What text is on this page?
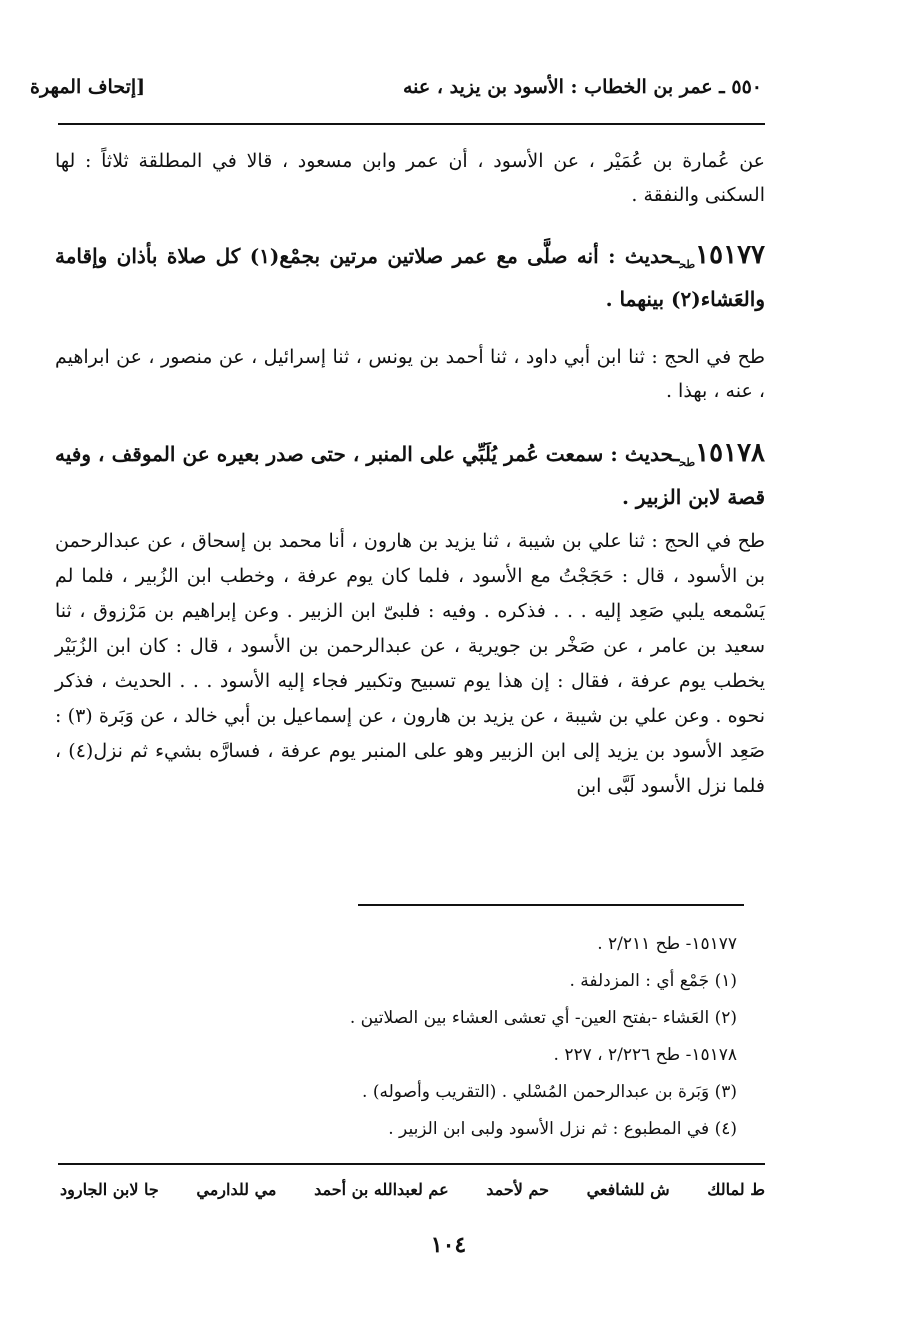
٥٥٠ ـ عمر بن الخطاب : الأسود بن يزيد ، عنه
[إتحاف المهرة
عن عُمارة بن عُمَيْر ، عن الأسود ، أن عمر وابن مسعود ، قالا في المطلقة ثلاثاً : لها السكنى والنفقة .
$١٥١٧٧_{طح}ـحديث$ : أنه صلَّى مع عمر صلاتين مرتين بجمْع(١) كل صلاة بأذان وإقامة والعَشاء(٢) بينهما .
طح في الحج : ثنا ابن أبي داود ، ثنا أحمد بن يونس ، ثنا إسرائيل ، عن منصور ، عن ابراهيم ، عنه ، بهذا .
$١٥١٧٨_{طح}ـحديث$ : سمعت عُمر يُلَبِّي على المنبر ، حتى صدر بعيره عن الموقف ، وفيه قصة لابن الزبير .
طح في الحج : ثنا علي بن شيبة ، ثنا يزيد بن هارون ، أنا محمد بن إسحاق ، عن عبدالرحمن بن الأسود ، قال : حَجَجْتُ مع الأسود ، فلما كان يوم عرفة ، وخطب ابن الزُبير ، فلما لم يَسْمعه يلبي صَعِد إليه . . . فذكره . وفيه : فلبىّ ابن الزبير . وعن إبراهيم بن مَرْزوق ، ثنا سعيد بن عامر ، عن صَخْر بن جويرية ، عن عبدالرحمن بن الأسود ، قال : كان ابن الزُبَيْر يخطب يوم عرفة ، فقال : إن هذا يوم تسبيح وتكبير فجاء إليه الأسود . . . الحديث ، فذكر نحوه . وعن علي بن شيبة ، عن يزيد بن هارون ، عن إسماعيل بن أبي خالد ، عن وَبَرة (٣) : صَعِد الأسود بن يزيد إلى ابن الزبير وهو على المنبر يوم عرفة ، فسارَّه بشيء ثم نزل(٤) ، فلما نزل الأسود لَبَّى ابن
١٥١٧٧- طح ٢/٢١١ .
(١) جَمْع أي : المزدلفة .
(٢) العَشاء -بفتح العين- أي تعشى العشاء بين الصلاتين .
١٥١٧٨- طح ٢/٢٢٦ ، ٢٢٧ .
(٣) وَبَرة بن عبدالرحمن المُسْلي . (التقريب وأصوله) .
(٤) في المطبوع : ثم نزل الأسود ولبى ابن الزبير .
ط لمالك
ش للشافعي
حم لأحمد
عم لعبدالله بن أحمد
مي للدارمي
جا لابن الجارود
١٠٤
